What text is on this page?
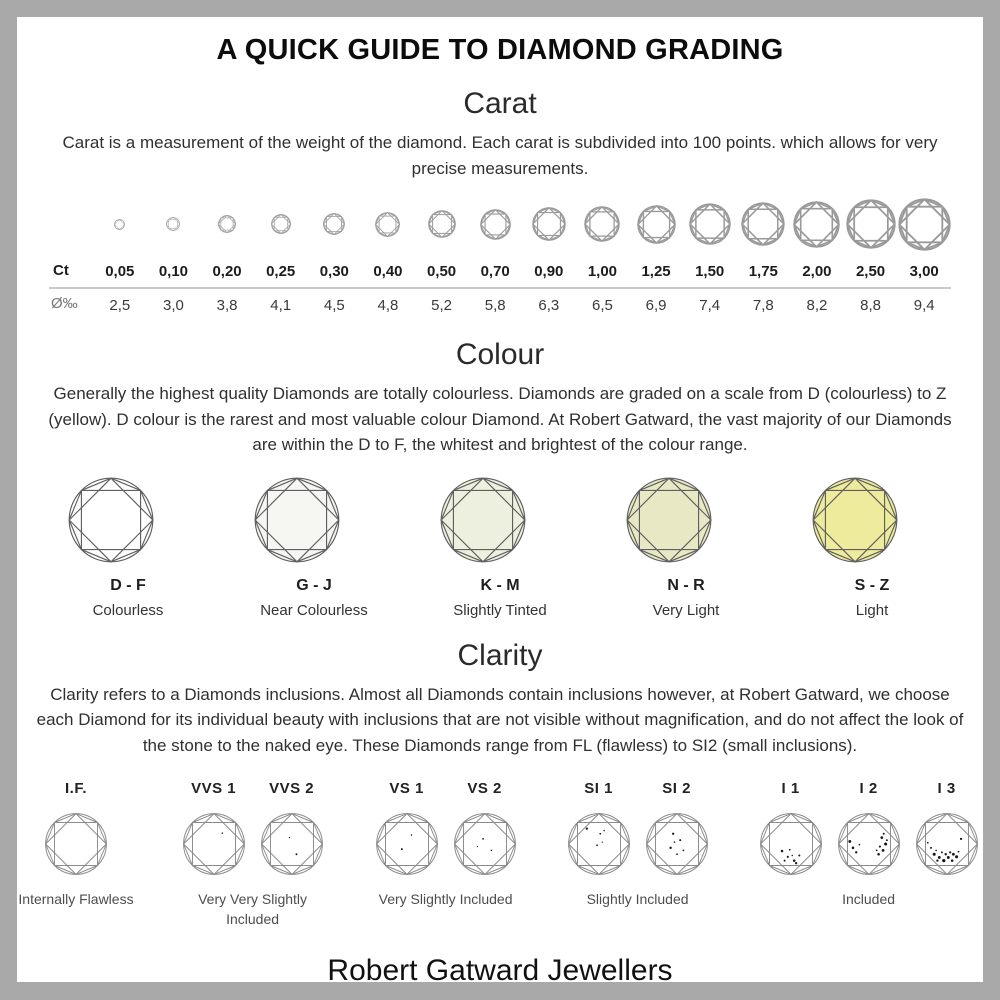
A QUICK GUIDE TO DIAMOND GRADING
Carat

Carat is a measurement of the weight of the diamond. Each carat is subdivided into 100 points. which allows for very precise measurements.

Ct	0,05	0,10	0,20	0,25	0,30	0,40	0,50	0,70	0,90	1,00	1,25	1,50	1,75	2,00	2,50	3,00
Ø‰	2,5	3,0	3,8	4,1	4,5	4,8	5,2	5,8	6,3	6,5	6,9	7,4	7,8	8,2	8,8	9,4
Colour

Generally the highest quality Diamonds are totally colourless. Diamonds are graded on a scale from D (colourless) to Z (yellow). D colour is the rarest and most valuable colour Diamond. At Robert Gatward, the vast majority of our Diamonds are within the D to F, the whitest and brightest of the colour range.

D - F
Colourless
G - J
Near Colourless
K - M
Slightly Tinted
N - R
Very Light
S - Z
Light
Clarity

Clarity refers to a Diamonds inclusions. Almost all Diamonds contain inclusions however, at Robert Gatward, we choose each Diamond for its individual beauty with inclusions that are not visible without magnification, and do not affect the look of the stone to the naked eye. These Diamonds range from FL (flawless) to SI2 (small inclusions).

I.F.
Internally Flawless
VVS 1 VVS 2
Very Very Slightly Included
VS 1	VS 2
Very Slightly Included
SI 1	SI 2
Slightly Included
I 1	I 2	I 3
Included
Robert Gatward Jewellers
